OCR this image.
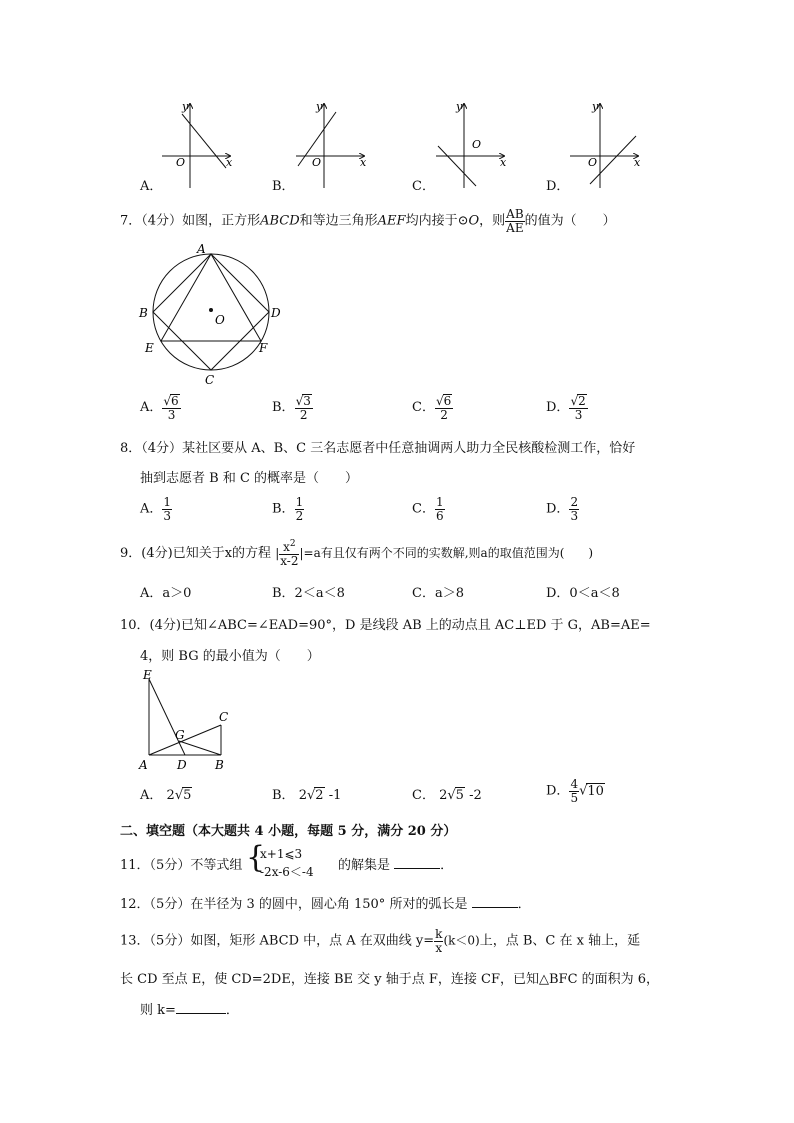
y
x
O
y
x
O
y
x
O
y
x
O
A．	B．	C．	D．
7．（4分）如图，正方形ABCD和等边三角形AEF均内接于⊙O，则 $\frac{AB}{AE}$ 的值为（　　）
A
B	D
E	F
C
O
A． $\frac{√6}{3}$	B． $\frac{√3}{2}$	C． $\frac{√6}{2}$	D． $\frac{√2}{3}$
8．（4分）某社区要从 A、B、C 三名志愿者中任意抽调两人助力全民核酸检测工作，恰好
抽到志愿者 B 和 C 的概率是（　　）
A． $\frac{1}{3}$	B． $\frac{1}{2}$	C． $\frac{1}{6}$	D． $\frac{2}{3}$
9．(4分)已知关于x的方程 | $\frac{x^2}{x-2} |=a$有且仅有两个不同的实数解,则a的取值范围为(　　)
A．a＞0	B．2＜a＜8	C．a＞8	D．0＜a＜8
10．(4分)已知∠ABC=∠EAD=90°，D 是线段 AB 上的动点且 AC⊥ED 于 G，AB=AE=
4，则 BG 的最小值为（　　）
E
C
G
A D B
A． 2√5	B． 2√2 -1	C． 2√5 -2	D． $\frac{4}{5} √10$
二、填空题（本大题共 4 小题，每题 5 分，满分 20 分）
11．（5分）不等式组 {
x+1⩽3
-2x-6＜-4 的解集是	．
12．（5分）在半径为 3 的圆中，圆心角 150° 所对的弧长是	．
13．（5分）如图，矩形 ABCD 中，点 A 在双曲线 $y= \frac{k}{x} (k<0)$上，点 B、C 在 x 轴上，延
长 CD 至点 E，使 CD=2DE，连接 BE 交 y 轴于点 F，连接 CF，已知△BFC 的面积为 6，
则 k=	．
